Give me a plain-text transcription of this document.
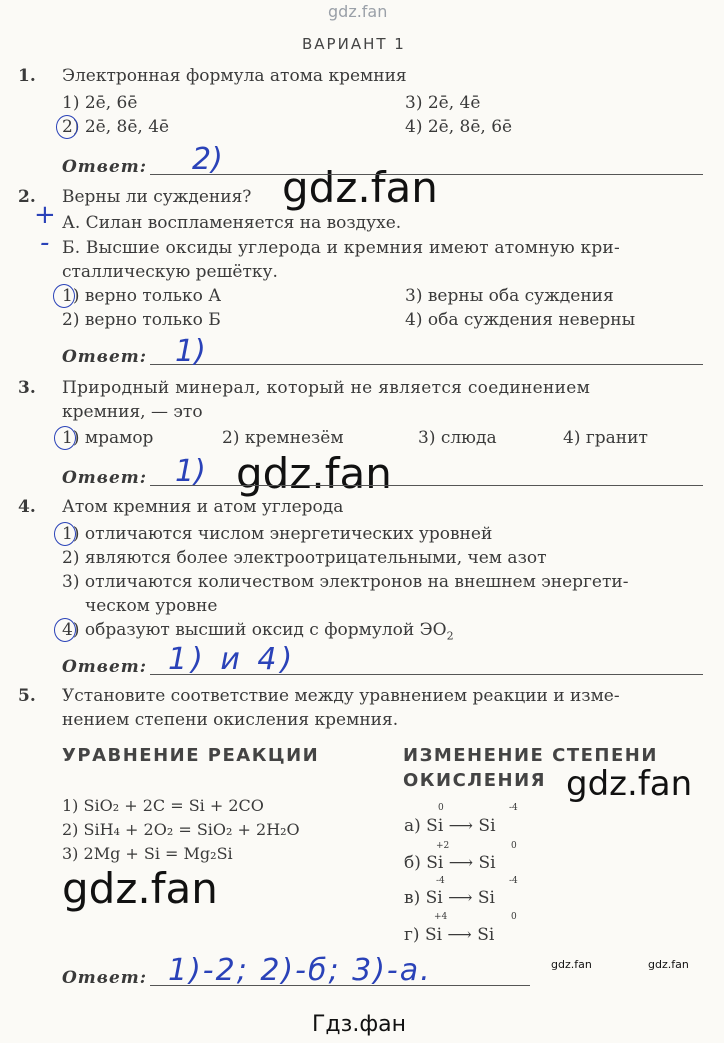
gdz.fan
gdz.fan
gdz.fan
gdz.fan
gdz.fan
gdz.fan	gdz.fan
Гдз.фан
ВАРИАНТ 1
1. Электронная формула атома кремния
1) 2ē, 6ē	3) 2ē, 4ē
2) 2ē, 8ē, 4ē	4) 2ē, 8ē, 6ē
Ответ: 2)
2. Верны ли суждения?
+ А. Силан воспламеняется на воздухе.
- Б. Высшие оксиды углерода и кремния имеют атомную кри-
сталлическую решётку.
1) верно только А	3) верны оба суждения
2) верно только Б	4) оба суждения неверны
Ответ: 1)
3. Природный минерал, который не является соединением
кремния, — это
1) мрамор	2) кремнезём	3) слюда	4) гранит
Ответ: 1)
4. Атом кремния и атом углерода
1) отличаются числом энергетических уровней
2) являются более электроотрицательными, чем азот
3) отличаются количеством электронов на внешнем энергети-
ческом уровне
4) образуют высший оксид с формулой $ЭО_2$
Ответ: 1) и 4)
5. Установите соответствие между уравнением реакции и изме-
нением степени окисления кремния.
УРАВНЕНИЕ РЕАКЦИИ	ИЗМЕНЕНИЕ СТЕПЕНИ
ОКИСЛЕНИЯ
1) SiO₂ + 2C = Si + 2CO
2) SiH₄ + 2O₂ = SiO₂ + 2H₂O
3) 2Mg + Si = Mg₂Si
0	-4
а) Si ⟶ Si
+2	0
б) Si ⟶ Si
-4	-4
в) Si ⟶ Si
+4	0
г) Si ⟶ Si
Ответ: 1)-2; 2)-б; 3)-а.
